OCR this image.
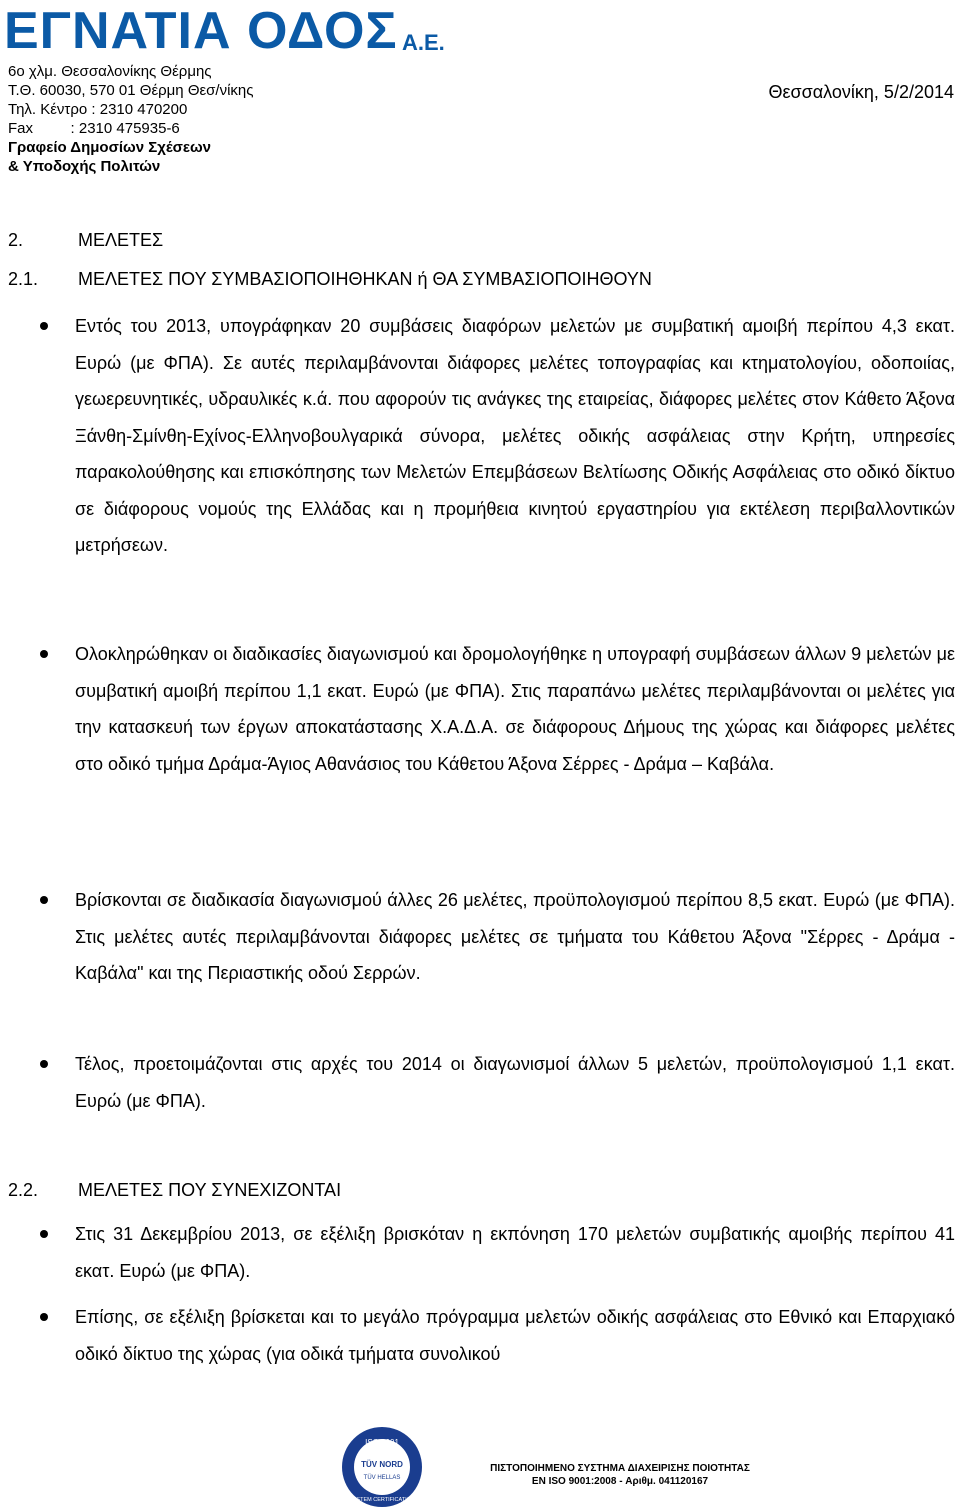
ΕΓΝΑΤΙΑ ΟΔΟΣ Α.Ε.
6ο χλμ. Θεσσαλονίκης Θέρμης
Τ.Θ. 60030, 570 01 Θέρμη Θεσ/νίκης
Τηλ. Κέντρο : 2310 470200
Fax         : 2310 475935-6
Γραφείο Δημοσίων Σχέσεων
& Υποδοχής Πολιτών
Θεσσαλονίκη, 5/2/2014
2.	ΜΕΛΕΤΕΣ
2.1. ΜΕΛΕΤΕΣ ΠΟΥ ΣΥΜΒΑΣΙΟΠΟΙΗΘΗΚΑΝ ή ΘΑ ΣΥΜΒΑΣΙΟΠΟΙΗΘΟΥΝ
Εντός του 2013, υπογράφηκαν 20 συμβάσεις διαφόρων μελετών με συμβατική αμοιβή περίπου 4,3 εκατ. Ευρώ (με ΦΠΑ). Σε αυτές περιλαμβάνονται διάφορες μελέτες τοπογραφίας και κτηματολογίου, οδοποιίας, γεωερευνητικές, υδραυλικές κ.ά. που αφορούν τις ανάγκες της εταιρείας, διάφορες μελέτες στον Κάθετο Άξονα Ξάνθη-Σμίνθη-Εχίνος-Ελληνοβουλγαρικά σύνορα, μελέτες οδικής ασφάλειας στην Κρήτη, υπηρεσίες παρακολούθησης και επισκόπησης των Μελετών Επεμβάσεων Βελτίωσης Οδικής Ασφάλειας στο οδικό δίκτυο σε διάφορους νομούς της Ελλάδας και η προμήθεια κινητού εργαστηρίου για εκτέλεση περιβαλλοντικών μετρήσεων.
Ολοκληρώθηκαν οι διαδικασίες διαγωνισμού και δρομολογήθηκε η υπογραφή συμβάσεων άλλων 9 μελετών με συμβατική αμοιβή περίπου 1,1 εκατ. Ευρώ (με ΦΠΑ). Στις παραπάνω μελέτες περιλαμβάνονται οι μελέτες για την κατασκευή των έργων αποκατάστασης Χ.Α.Δ.Α. σε διάφορους Δήμους της χώρας και διάφορες μελέτες στο οδικό τμήμα Δράμα-Άγιος Αθανάσιος του Κάθετου Άξονα Σέρρες - Δράμα – Καβάλα.
Βρίσκονται σε διαδικασία διαγωνισμού άλλες 26 μελέτες, προϋπολογισμού περίπου 8,5 εκατ. Ευρώ (με ΦΠΑ). Στις μελέτες αυτές περιλαμβάνονται διάφορες μελέτες σε τμήματα του Κάθετου Άξονα "Σέρρες - Δράμα - Καβάλα" και της Περιαστικής οδού Σερρών.
Τέλος, προετοιμάζονται στις αρχές του 2014 οι διαγωνισμοί άλλων 5 μελετών, προϋπολογισμού 1,1 εκατ. Ευρώ (με ΦΠΑ).
2.2. ΜΕΛΕΤΕΣ ΠΟΥ ΣΥΝΕΧΙΖΟΝΤΑΙ
Στις 31 Δεκεμβρίου 2013, σε εξέλιξη βρισκόταν η εκπόνηση 170 μελετών συμβατικής αμοιβής περίπου 41 εκατ. Ευρώ (με ΦΠΑ).
Επίσης, σε εξέλιξη βρίσκεται και το μεγάλο πρόγραμμα μελετών οδικής ασφάλειας στο Εθνικό και Επαρχιακό οδικό δίκτυο της χώρας (για οδικά τμήματα συνολικού
ISO 9001
TÜV NORD
TÜV HELLAS
SYSTEM CERTIFICATION
ΠΙΣΤΟΠΟΙΗΜΕΝΟ ΣΥΣΤΗΜΑ ΔΙΑΧΕΙΡΙΣΗΣ ΠΟΙΟΤΗΤΑΣ
EN ISO 9001:2008 - Αριθμ. 041120167
